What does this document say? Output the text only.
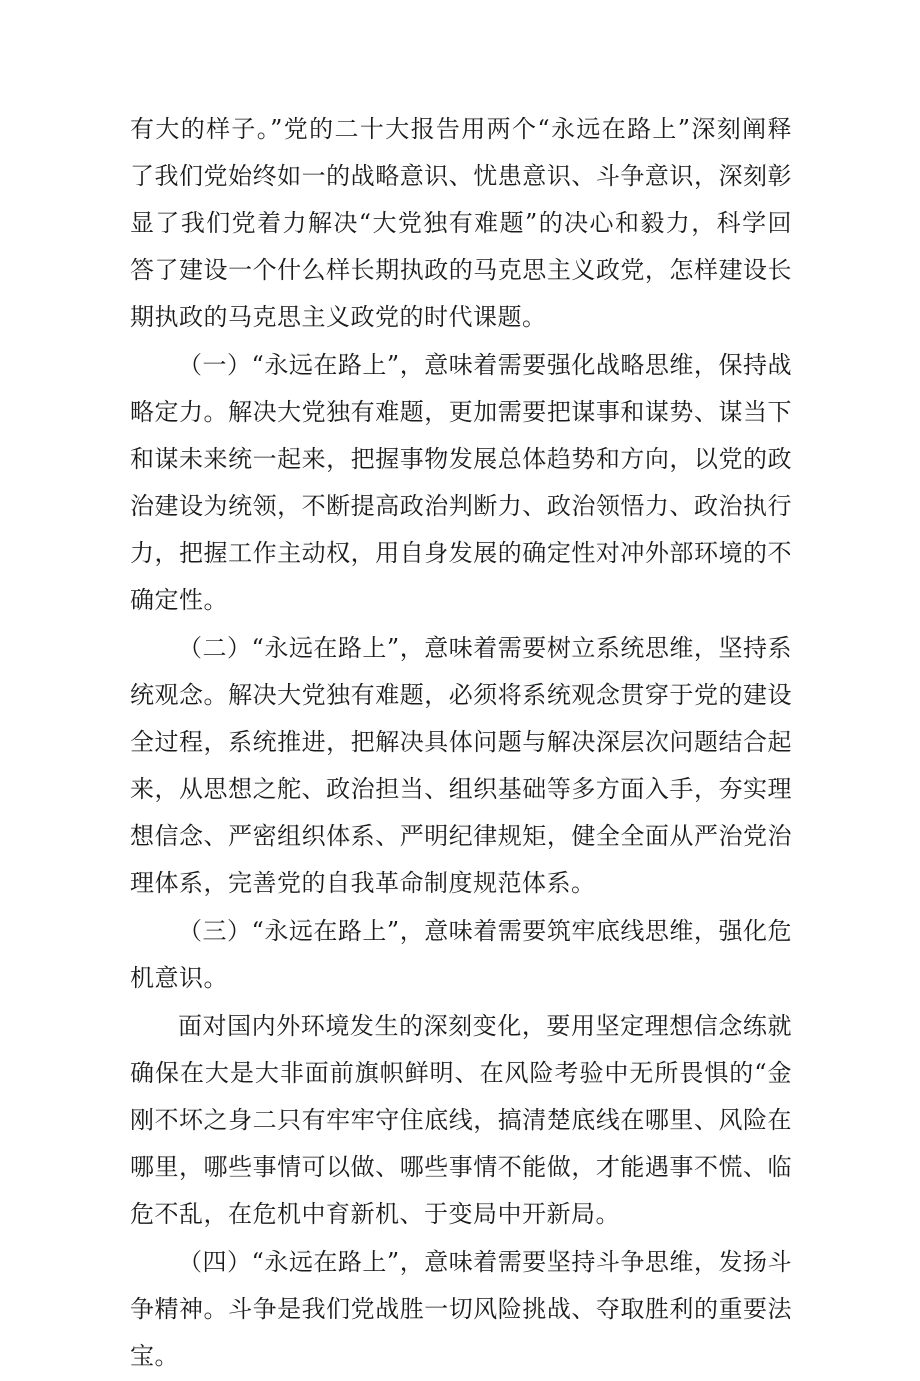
有大的样子。”党的二十大报告用两个“永远在路上”深刻阐释了我们党始终如一的战略意识、忧患意识、斗争意识，深刻彰显了我们党着力解决“大党独有难题”的决心和毅力，科学回答了建设一个什么样长期执政的马克思主义政党，怎样建设长期执政的马克思主义政党的时代课题。

（一）“永远在路上”，意味着需要强化战略思维，保持战略定力。解决大党独有难题，更加需要把谋事和谋势、谋当下和谋未来统一起来，把握事物发展总体趋势和方向，以党的政治建设为统领，不断提高政治判断力、政治领悟力、政治执行力，把握工作主动权，用自身发展的确定性对冲外部环境的不确定性。

（二）“永远在路上”，意味着需要树立系统思维，坚持系统观念。解决大党独有难题，必须将系统观念贯穿于党的建设全过程，系统推进，把解决具体问题与解决深层次问题结合起来，从思想之舵、政治担当、组织基础等多方面入手，夯实理想信念、严密组织体系、严明纪律规矩，健全全面从严治党治理体系，完善党的自我革命制度规范体系。

（三）“永远在路上”，意味着需要筑牢底线思维，强化危机意识。

面对国内外环境发生的深刻变化，要用坚定理想信念练就确保在大是大非面前旗帜鲜明、在风险考验中无所畏惧的“金刚不坏之身二只有牢牢守住底线，搞清楚底线在哪里、风险在哪里，哪些事情可以做、哪些事情不能做，才能遇事不慌、临危不乱，在危机中育新机、于变局中开新局。

（四）“永远在路上”，意味着需要坚持斗争思维，发扬斗争精神。斗争是我们党战胜一切风险挑战、夺取胜利的重要法宝。
